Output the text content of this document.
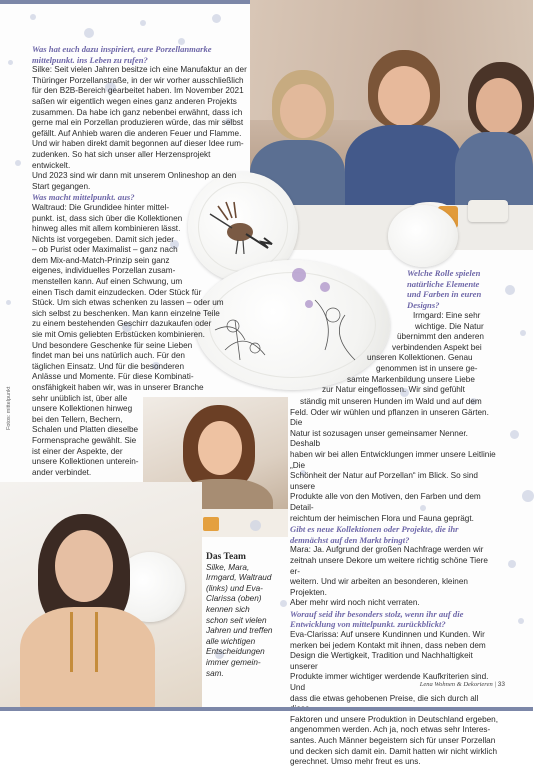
Was hat euch dazu inspiriert, eure Porzellanmarke mittelpunkt. ins Leben zu rufen?
Silke: Seit vielen Jahren besitze ich eine Manufaktur an der
Thüringer Porzellanstraße, in der wir vorher ausschließlich
für den B2B-Bereich gearbeitet haben. Im November 2021
saßen wir eigentlich wegen eines ganz anderen Projekts
zusammen. Da habe ich ganz nebenbei erwähnt, dass ich
gerne mal ein Porzellan produzieren würde, das mir selbst
gefällt. Auf Anhieb waren die anderen Feuer und Flamme.
Und wir haben direkt damit begonnen auf dieser Idee rum-
zudenken. So hat sich unser aller Herzensprojekt entwickelt.
Und 2023 sind wir dann mit unserem Onlineshop an den
Start gegangen.
Was macht mittelpunkt. aus?
Waltraud: Die Grundidee hinter mittel-
punkt. ist, dass sich über die Kollektionen
hinweg alles mit allem kombinieren lässt.
Nichts ist vorgegeben. Damit sich jeder
– ob Purist oder Maximalist – ganz nach
dem Mix-and-Match-Prinzip sein ganz
eigenes, individuelles Porzellan zusam-
menstellen kann. Auf einen Schwung, um
einen Tisch damit einzudecken. Oder Stück für
Stück. Um sich etwas schenken zu lassen – oder um
sich selbst zu beschenken. Man kann einzelne Teile
zu einem bestehenden Geschirr dazukaufen oder
sie mit Omis geliebten Erbstücken kombinieren.
Und besondere Geschenke für seine Lieben
findet man bei uns natürlich auch. Für den
täglichen Einsatz. Und für die besonderen
Anlässe und Momente. Für diese Kombinati-
onsfähigkeit haben wir, was in unserer Branche
sehr unüblich ist, über alle
unsere Kollektionen hinweg
bei den Tellern, Bechern,
Schalen und Platten dieselbe
Formensprache gewählt. Sie
ist einer der Aspekte, der
unsere Kollektionen unterein-
ander verbindet.
Welche Rolle spielen
natürliche Elemente
und Farben in euren
Designs?
Irmgard: Eine sehr
wichtige. Die Natur
übernimmt den anderen
verbindenden Aspekt bei
unseren Kollektionen. Genau
genommen ist in unsere ge-
samte Markenbildung unsere Liebe
zur Natur eingeflossen. Wir sind gefühlt
ständig mit unseren Hunden im Wald und auf dem
Feld. Oder wir wühlen und pflanzen in unseren Gärten. Die
Natur ist sozusagen unser gemeinsamer Nenner. Deshalb
haben wir bei allen Entwicklungen immer unsere Leitlinie „Die
Schönheit der Natur auf Porzellan“ im Blick. So sind unsere
Produkte alle von den Motiven, den Farben und dem Detail-
reichtum der heimischen Flora und Fauna geprägt.
Gibt es neue Kollektionen oder Projekte, die ihr
demnächst auf den Markt bringt?
Mara: Ja. Aufgrund der großen Nachfrage werden wir
zeitnah unsere Dekore um weitere richtig schöne Tiere er-
weitern. Und wir arbeiten an besonderen, kleinen Projekten.
Aber mehr wird noch nicht verraten.
Worauf seid ihr besonders stolz, wenn ihr auf die
Entwicklung von mittelpunkt. zurückblickt?
Eva-Clarissa: Auf unsere Kundinnen und Kunden. Wir
merken bei jedem Kontakt mit ihnen, dass neben dem
Design die Wertigkeit, Tradition und Nachhaltigkeit unserer
Produkte immer wichtiger werdende Kaufkriterien sind. Und
dass die etwas gehobenen Preise, die sich durch all
Faktoren und unsere Produktion in Deutschland ergeben,
angenommen werden. Ach ja, noch etwas sehr Interes-
santes. Auch Männer begeistern sich für unser Porzellan
und decken sich damit ein. Damit hatten wir nicht wirklich
gerechnet. Umso mehr freut es uns.
Das Team
Silke, Mara,
Irmgard, Waltraud
(links) und Eva-
Clarissa (oben)
kennen sich
schon seit vielen
Jahren und treffen
alle wichtigen
Entscheidungen
immer gemein-
sam.
Fotos: mittelpunkt
Lena Wohnen & Dekorieren | 33
